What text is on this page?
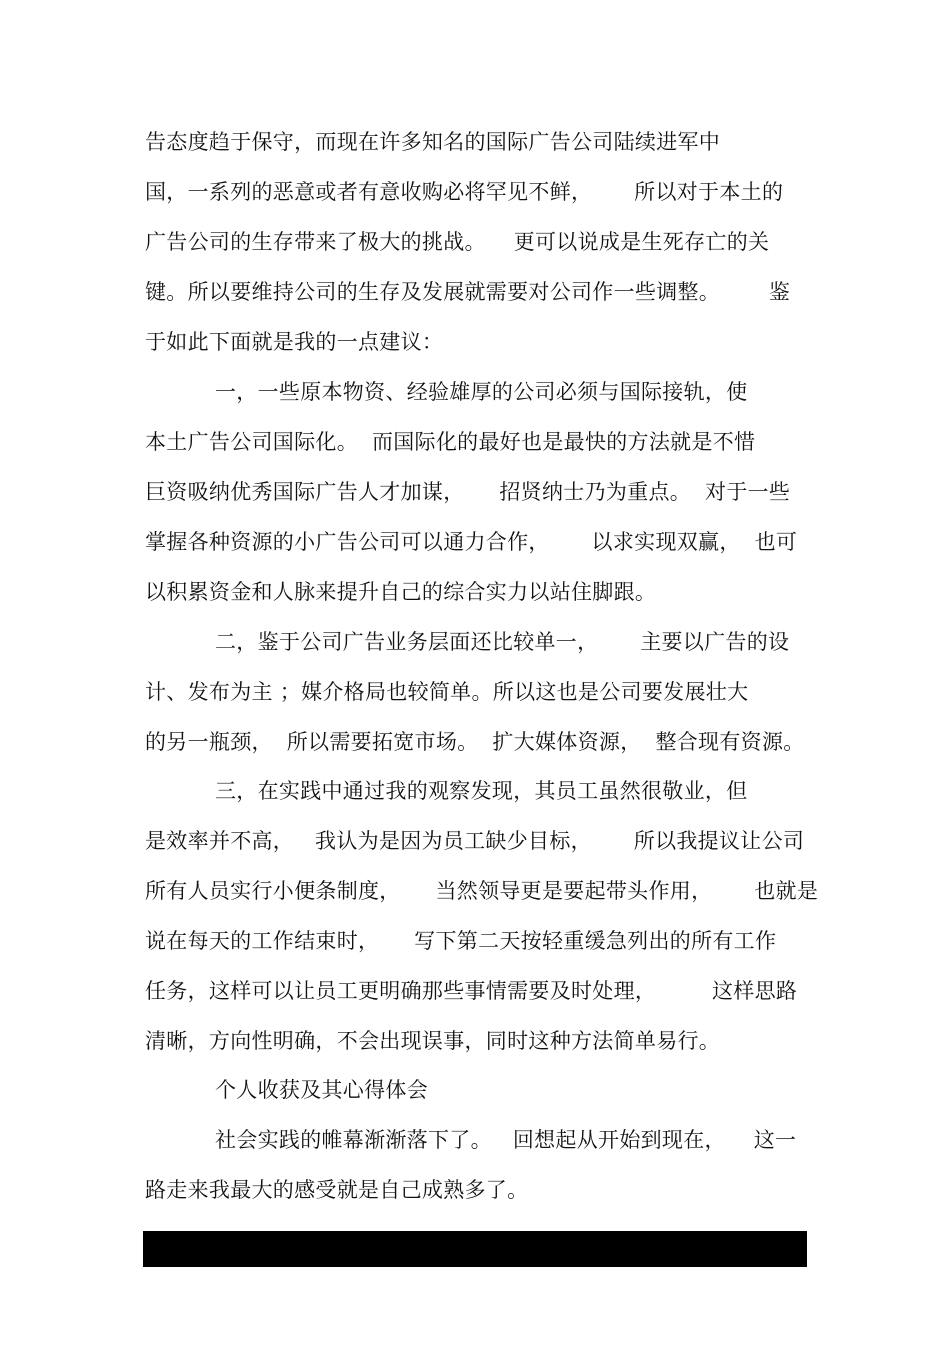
告态度趋于保守，而现在许多知名的国际广告公司陆续进军中
国，一系列的恶意或者有意收购必将罕见不鲜，      所以对于本土的
广告公司的生存带来了极大的挑战。    更可以说成是生死存亡的关
键。所以要维持公司的生存及发展就需要对公司作一些调整。       鉴
于如此下面就是我的一点建议：
一，一些原本物资、经验雄厚的公司必须与国际接轨，使
本土广告公司国际化。  而国际化的最好也是最快的方法就是不惜
巨资吸纳优秀国际广告人才加谋，     招贤纳士乃为重点。  对于一些
掌握各种资源的小广告公司可以通力合作，      以求实现双赢，  也可
以积累资金和人脉来提升自己的综合实力以站住脚跟。
二，鉴于公司广告业务层面还比较单一，      主要以广告的设
计、发布为主 ；媒介格局也较简单。所以这也是公司要发展壮大
的另一瓶颈，  所以需要拓宽市场。  扩大媒体资源，  整合现有资源。
三，在实践中通过我的观察发现，其员工虽然很敬业，但
是效率并不高，   我认为是因为员工缺少目标，      所以我提议让公司
所有人员实行小便条制度，     当然领导更是要起带头作用，      也就是
说在每天的工作结束时，     写下第二天按轻重缓急列出的所有工作
任务，这样可以让员工更明确那些事情需要及时处理，        这样思路
清晰，方向性明确，不会出现误事，同时这种方法简单易行。
个人收获及其心得体会
社会实践的帷幕渐渐落下了。   回想起从开始到现在，    这一
路走来我最大的感受就是自己成熟多了。
